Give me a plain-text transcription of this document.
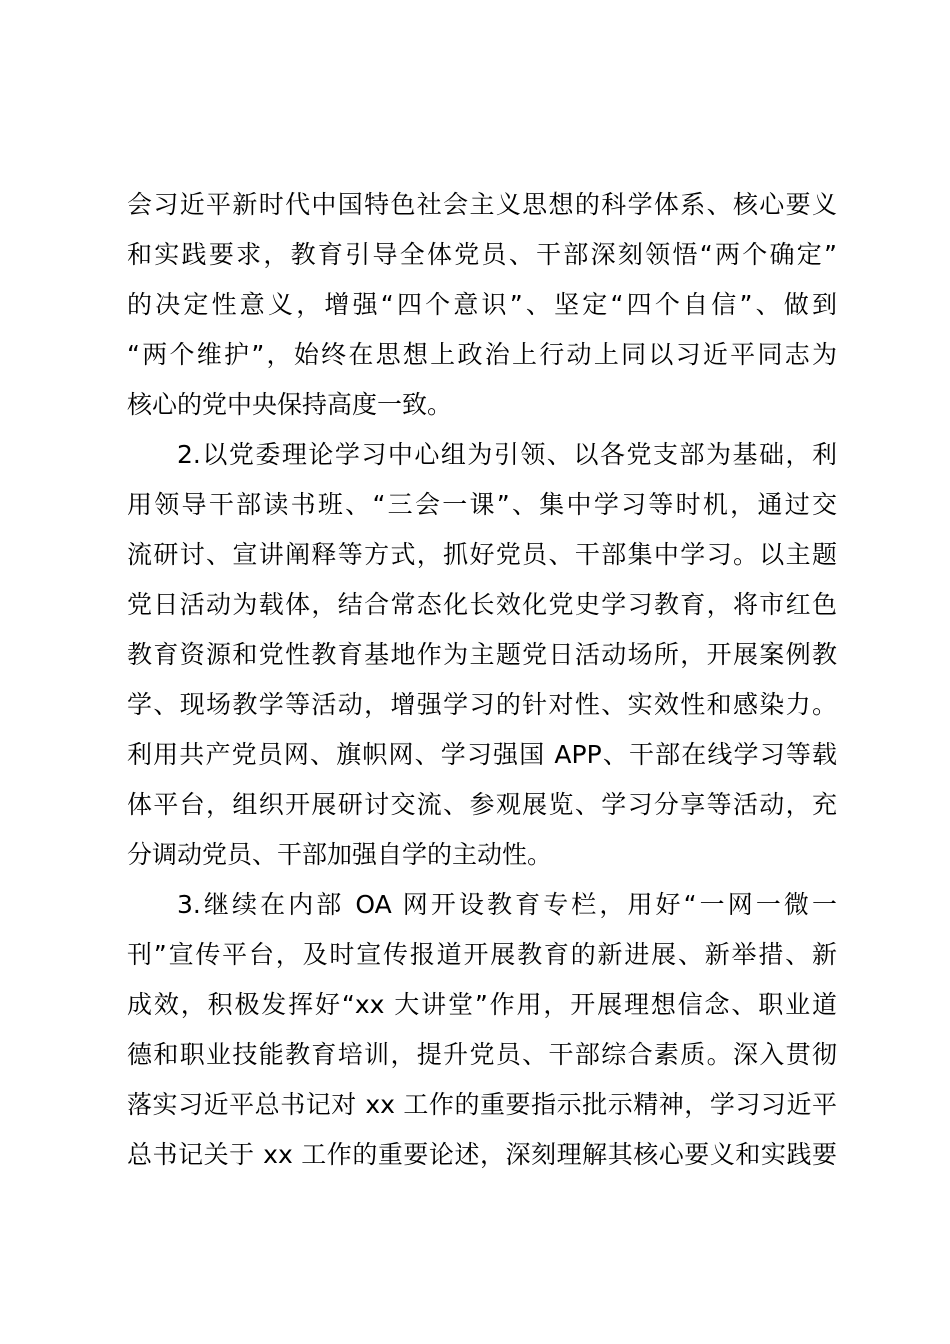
会习近平新时代中国特色社会主义思想的科学体系、核心要义
和实践要求，教育引导全体党员、干部深刻领悟“两个确定”
的决定性意义，增强“四个意识”、坚定“四个自信”、做到
“两个维护”，始终在思想上政治上行动上同以习近平同志为
核心的党中央保持高度一致。
2.以党委理论学习中心组为引领、以各党支部为基础，利
用领导干部读书班、“三会一课”、集中学习等时机，通过交
流研讨、宣讲阐释等方式，抓好党员、干部集中学习。以主题
党日活动为载体，结合常态化长效化党史学习教育，将市红色
教育资源和党性教育基地作为主题党日活动场所，开展案例教
学、现场教学等活动，增强学习的针对性、实效性和感染力。
利用共产党员网、旗帜网、学习强国 APP、干部在线学习等载
体平台，组织开展研讨交流、参观展览、学习分享等活动，充
分调动党员、干部加强自学的主动性。
3.继续在内部 OA 网开设教育专栏，用好“一网一微一
刊”宣传平台，及时宣传报道开展教育的新进展、新举措、新
成效，积极发挥好“xx 大讲堂”作用，开展理想信念、职业道
德和职业技能教育培训，提升党员、干部综合素质。深入贯彻
落实习近平总书记对 xx 工作的重要指示批示精神，学习习近平
总书记关于 xx 工作的重要论述，深刻理解其核心要义和实践要
